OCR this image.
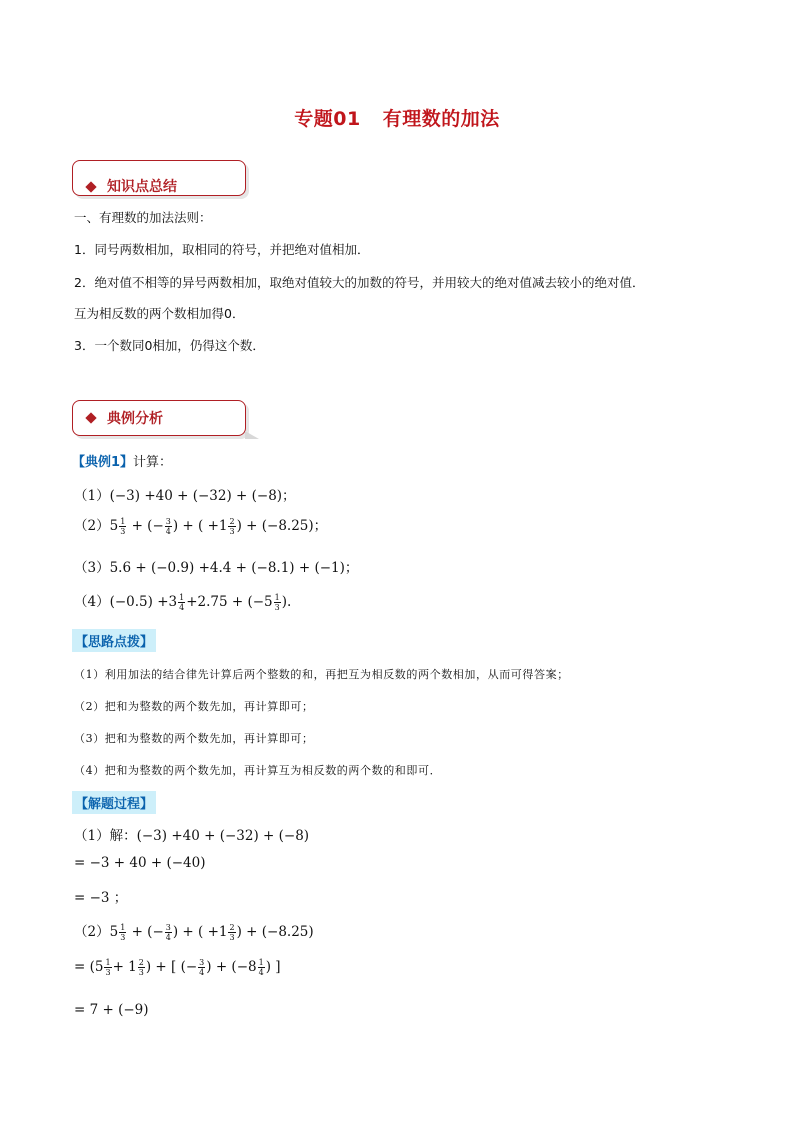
专题01 有理数的加法
知识点总结
一、有理数的加法法则：
1．同号两数相加，取相同的符号，并把绝对值相加．
2．绝对值不相等的异号两数相加，取绝对值较大的加数的符号，并用较大的绝对值减去较小的绝对值．
互为相反数的两个数相加得0．
3．一个数同0相加，仍得这个数．
典例分析
【典例1】计算：
（1）(−3) +40 + (−32) + (−8)；
$(2)5 \frac{1}{3}$ + (− $\frac{3}{4}$ ) + ( $+1 \frac{2}{3}$ ) + (−8.25)；
（3）5.6 + (−0.9) +4.4 + (−8.1) + (−1)；
$(4)(-0.5) +3 \frac{1}{4} +2.75 + (-5 \frac{1}{3}$ ).
【思路点拨】
（1）利用加法的结合律先计算后两个整数的和，再把互为相反数的两个数相加，从而可得答案；
（2）把和为整数的两个数先加，再计算即可；
（3）把和为整数的两个数先加，再计算即可；
（4）把和为整数的两个数先加，再计算互为相反数的两个数的和即可．
【解题过程】
（1）解：(−3) +40 + (−32) + (−8)
= −3 + 40 + (−40)
= −3 ；
$(2)5 \frac{1}{3}$ + (− $\frac{3}{4}$ ) + ( $+1 \frac{2}{3}$ ) + (−8.25)
= ($5 \frac{1}{3} + 1 \frac{2}{3}$ ) + [ (− $\frac{3}{4}$ ) + ($-8 \frac{1}{4}$ ) ]
= 7 + (−9)
